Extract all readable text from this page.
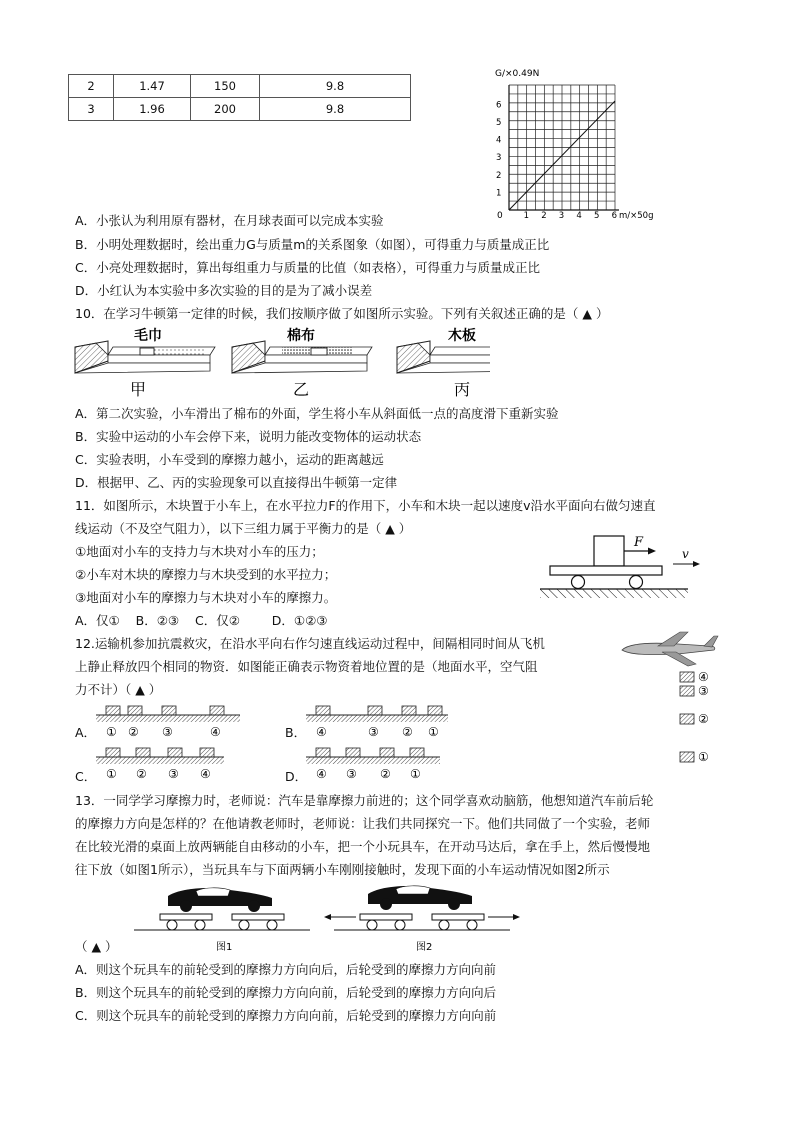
2	1.47	150	9.8
3	1.96	200	9.8
G/×0.49N
m/×50g
0
1
2
3
4
5
6
1 2 3 4 5 6
A．小张认为利用原有器材，在月球表面可以完成本实验
B．小明处理数据时，绘出重力G与质量m的关系图象（如图），可得重力与质量成正比
C．小亮处理数据时，算出每组重力与质量的比值（如表格），可得重力与质量成正比
D．小红认为本实验中多次实验的目的是为了减小误差
10．在学习牛顿第一定律的时候，我们按顺序做了如图所示实验。下列有关叙述正确的是（ ▲ ）
毛巾
甲
棉布
乙
木板
丙
A．第二次实验，小车滑出了棉布的外面，学生将小车从斜面低一点的高度滑下重新实验
B．实验中运动的小车会停下来，说明力能改变物体的运动状态
C．实验表明，小车受到的摩擦力越小，运动的距离越远
D．根据甲、乙、丙的实验现象可以直接得出牛顿第一定律
11．如图所示，木块置于小车上，在水平拉力F的作用下，小车和木块一起以速度v沿水平面向右做匀速直
线运动（不及空气阻力），以下三组力属于平衡力的是（ ▲ ）
①地面对小车的支持力与木块对小车的压力；
②小车对木块的摩擦力与木块受到的水平拉力；
③地面对小车的摩擦力与木块对小车的摩擦力。
A．仅①    B．②③    C．仅②        D．①②③
F
v
12.运输机参加抗震救灾，在沿水平向右作匀速直线运动过程中，间隔相同时间从飞机
上静止释放四个相同的物资．如图能正确表示物资着地位置的是（地面水平，空气阻
力不计）（ ▲ ）
④
③
②
①
A．	B．
C．	D．
① ② ③	④	④	③ ② ①
① ② ③ ④	④ ③ ② ①
13．一同学学习摩擦力时，老师说：汽车是靠摩擦力前进的；这个同学喜欢动脑筋，他想知道汽车前后轮
的摩擦力方向是怎样的？在他请教老师时，老师说：让我们共同探究一下。他们共同做了一个实验，老师
在比较光滑的桌面上放两辆能自由移动的小车，把一个小玩具车，在开动马达后，拿在手上，然后慢慢地
往下放（如图1所示），当玩具车与下面两辆小车刚刚接触时，发现下面的小车运动情况如图2所示
图1	图2
（ ▲ ）
A．则这个玩具车的前轮受到的摩擦力方向向后，后轮受到的摩擦力方向向前
B．则这个玩具车的前轮受到的摩擦力方向向前，后轮受到的摩擦力方向向后
C．则这个玩具车的前轮受到的摩擦力方向向前，后轮受到的摩擦力方向向前
